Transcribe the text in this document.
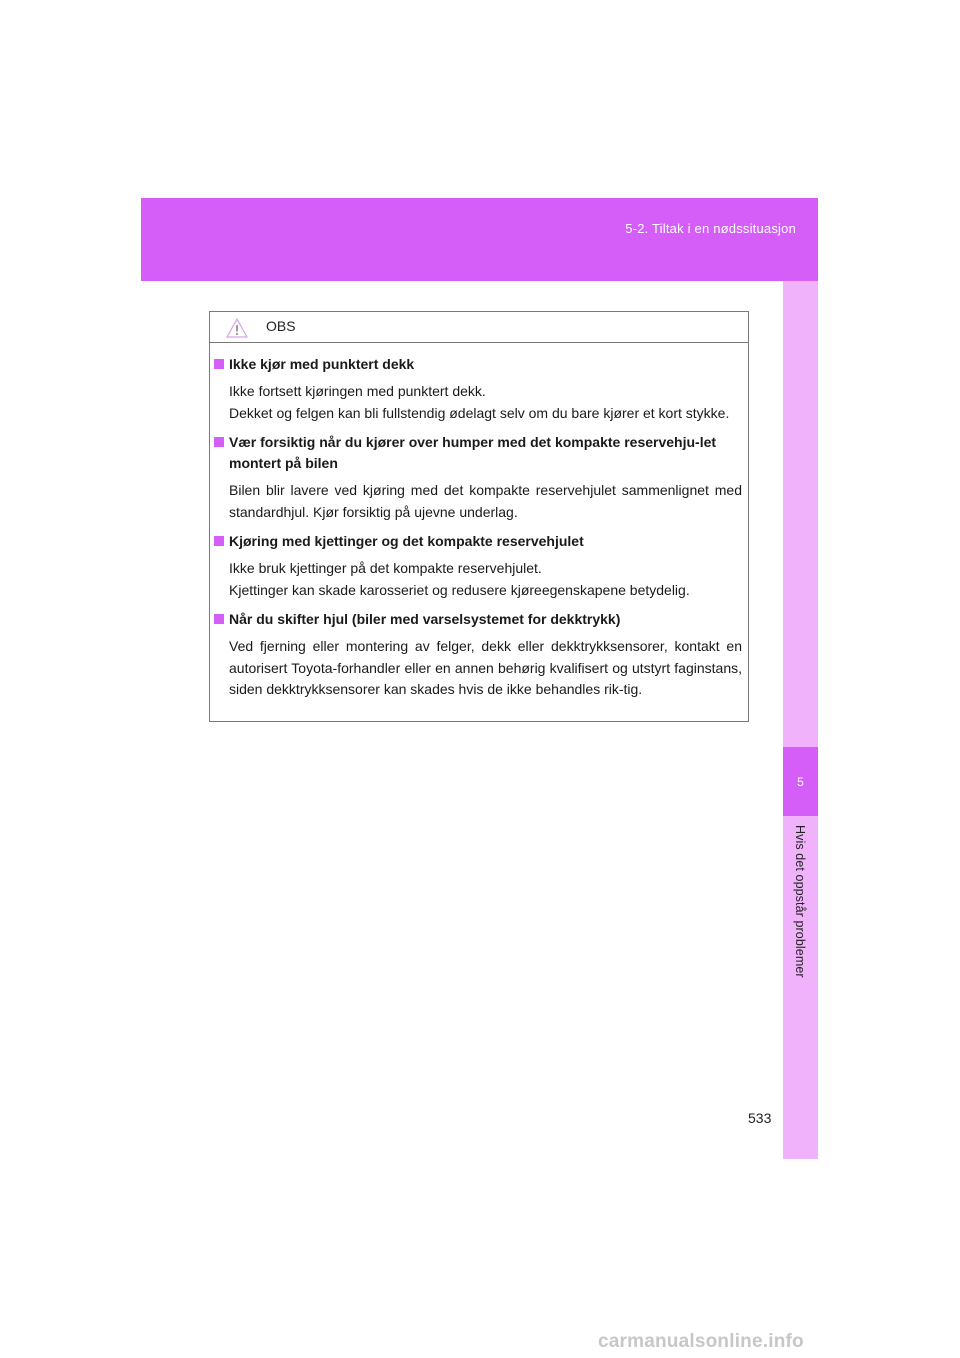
5-2. Tiltak i en nødssituasjon
5
Hvis det oppstår problemer
OBS
Ikke kjør med punktert dekk

Ikke fortsett kjøringen med punktert dekk.

Dekket og felgen kan bli fullstendig ødelagt selv om du bare kjører et kort stykke.

Vær forsiktig når du kjører over humper med det kompakte reservehju-let montert på bilen

Bilen blir lavere ved kjøring med det kompakte reservehjulet sammenlignet med standardhjul. Kjør forsiktig på ujevne underlag.

Kjøring med kjettinger og det kompakte reservehjulet

Ikke bruk kjettinger på det kompakte reservehjulet.

Kjettinger kan skade karosseriet og redusere kjøreegenskapene betydelig.

Når du skifter hjul (biler med varselsystemet for dekktrykk)

Ved fjerning eller montering av felger, dekk eller dekktrykksensorer, kontakt en autorisert Toyota-forhandler eller en annen behørig kvalifisert og utstyrt faginstans, siden dekktrykksensorer kan skades hvis de ikke behandles rik-tig.

533
carmanualsonline.info
